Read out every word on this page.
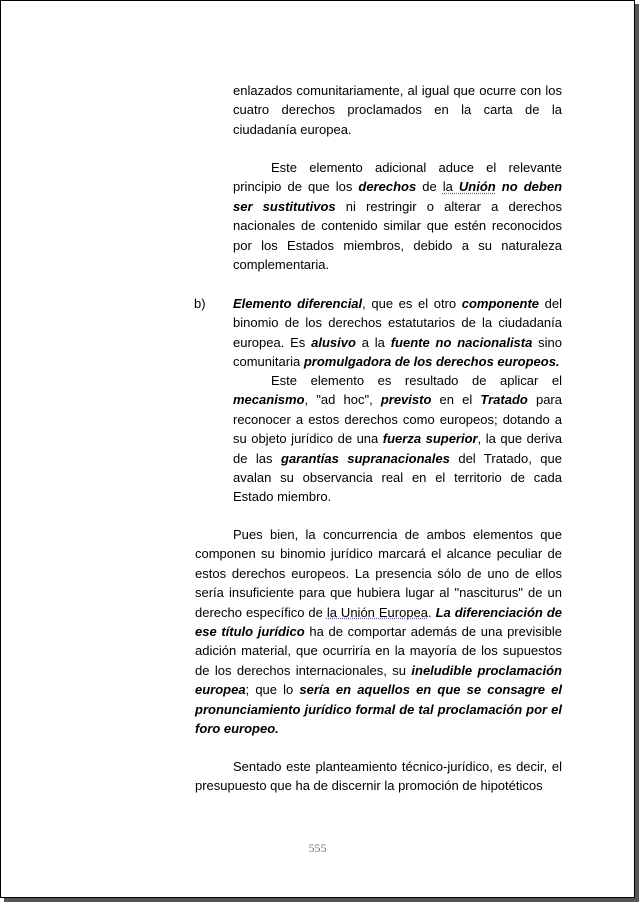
enlazados comunitariamente, al igual que ocurre con los cuatro derechos proclamados en la carta de la ciudadanía europea.

Este elemento adicional aduce el relevante principio de que los derechos de la Unión no deben ser sustitutivos ni restringir o alterar a derechos nacionales de contenido similar que estén reconocidos por los Estados miembros, debido a su naturaleza complementaria.

b) Elemento diferencial, que es el otro componente del binomio de los derechos estatutarios de la ciudadanía europea. Es alusivo a la fuente no nacionalista sino comunitaria promulgadora de los derechos europeos.

Este elemento es resultado de aplicar el mecanismo, "ad hoc", previsto en el Tratado para reconocer a estos derechos como europeos; dotando a su objeto jurídico de una fuerza superior, la que deriva de las garantías supranacionales del Tratado, que avalan su observancia real en el territorio de cada Estado miembro.

Pues bien, la concurrencia de ambos elementos que componen su binomio jurídico marcará el alcance peculiar de estos derechos europeos. La presencia sólo de uno de ellos sería insuficiente para que hubiera lugar al "nasciturus" de un derecho específico de la Unión Europea. La diferenciación de ese título jurídico ha de comportar además de una previsible adición material, que ocurriría en la mayoría de los supuestos de los derechos internacionales, su ineludible proclamación europea; que lo sería en aquellos en que se consagre el pronunciamiento jurídico formal de tal proclamación por el foro europeo.

Sentado este planteamiento técnico-jurídico, es decir, el presupuesto que ha de discernir la promoción de hipotéticos

555
